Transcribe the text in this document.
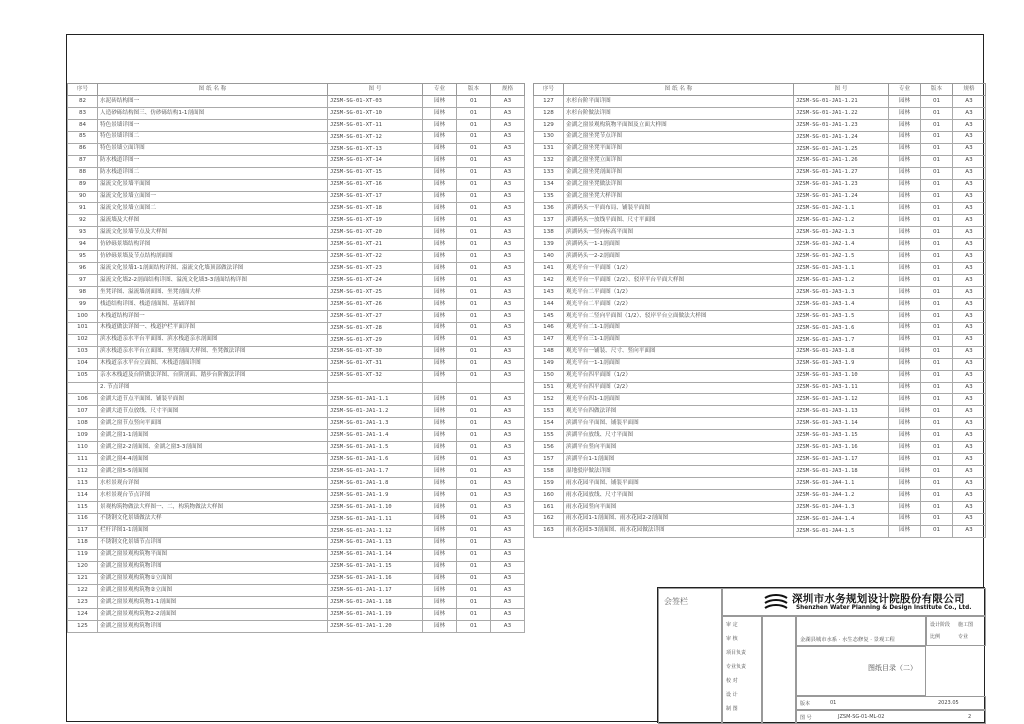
序号	图 纸 名 称	图 号	专业	版本	规格
82	水泥砖结构图一	JZSM-SG-01-XT-03	园林	01	A3
83	人造砂砾结构图三、仿砂砾结构1-1剖面图	JZSM-SG-01-XT-10	园林	01	A3
84	特色景墙详图一	JZSM-SG-01-XT-11	园林	01	A3
85	特色景墙详图二	JZSM-SG-01-XT-12	园林	01	A3
86	特色景墙立面详图	JZSM-SG-01-XT-13	园林	01	A3
87	防水栈道详图一	JZSM-SG-01-XT-14	园林	01	A3
88	防水栈道详图二	JZSM-SG-01-XT-15	园林	01	A3
89	溢流文化景墙平面图	JZSM-SG-01-XT-16	园林	01	A3
90	溢流文化景墙立面图一	JZSM-SG-01-XT-17	园林	01	A3
91	溢流文化景墙立面图二	JZSM-SG-01-XT-18	园林	01	A3
92	溢流墙及大样图	JZSM-SG-01-XT-19	园林	01	A3
93	溢流文化景墙节点及大样图	JZSM-SG-01-XT-20	园林	01	A3
94	仿砂砾景墙结构详图	JZSM-SG-01-XT-21	园林	01	A3
95	仿砂砾景墙及节点结构剖面图	JZSM-SG-01-XT-22	园林	01	A3
96	溢流文化景墙1-1剖面结构详图、溢流文化墙顶部做法详图	JZSM-SG-01-XT-23	园林	01	A3
97	溢流文化墙2-2剖面结构详图、溢流文化墙3-3剖面结构详图	JZSM-SG-01-XT-24	园林	01	A3
98	坐凳详图、溢流墙剖面图、坐凳剖面大样	JZSM-SG-01-XT-25	园林	01	A3
99	栈道结构详图、栈道剖面图、基础详图	JZSM-SG-01-XT-26	园林	01	A3
100	木栈道结构详图一	JZSM-SG-01-XT-27	园林	01	A3
101	木栈道做法详图一、栈道护栏平面详图	JZSM-SG-01-XT-28	园林	01	A3
102	滨水栈道亲水平台平面图、滨水栈道亲水剖面图	JZSM-SG-01-XT-29	园林	01	A3
103	滨水栈道亲水平台立面图、坐凳剖面大样图、坐凳做法详图	JZSM-SG-01-XT-30	园林	01	A3
104	木栈道亲水平台立面图、木栈道剖面详图	JZSM-SG-01-XT-31	园林	01	A3
105	亲水木栈道及台阶做法详图、台阶剖面、踏步台阶做法详图	JZSM-SG-01-XT-32	园林	01	A3
	2. 节点详图				
106	金湖大道节点平面图、铺装平面图	JZSM-SG-01-JA1-1.1	园林	01	A3
107	金湖大道节点放线、尺寸平面图	JZSM-SG-01-JA1-1.2	园林	01	A3
108	金湖之窗节点竖向平面图	JZSM-SG-01-JA1-1.3	园林	01	A3
109	金湖之窗1-1剖面图	JZSM-SG-01-JA1-1.4	园林	01	A3
110	金湖之窗2-2剖面图、金湖之窗3-3剖面图	JZSM-SG-01-JA1-1.5	园林	01	A3
111	金湖之窗4-4剖面图	JZSM-SG-01-JA1-1.6	园林	01	A3
112	金湖之窗5-5剖面图	JZSM-SG-01-JA1-1.7	园林	01	A3
113	水杉景观台详图	JZSM-SG-01-JA1-1.8	园林	01	A3
114	水杉景观台节点详图	JZSM-SG-01-JA1-1.9	园林	01	A3
115	景观构筑物做法大样图一、二，构筑物做法大样图	JZSM-SG-01-JA1-1.10	园林	01	A3
116	不锈钢文化景墙做法大样	JZSM-SG-01-JA1-1.11	园林	01	A3
117	栏杆详图1-1剖面图	JZSM-SG-01-JA1-1.12	园林	01	A3
118	不锈钢文化景墙节点详图	JZSM-SG-01-JA1-1.13	园林	01	A3
119	金湖之窗景观构筑物平面图	JZSM-SG-01-JA1-1.14	园林	01	A3
120	金湖之窗景观构筑物详图	JZSM-SG-01-JA1-1.15	园林	01	A3
121	金湖之窗景观构筑物①立面图	JZSM-SG-01-JA1-1.16	园林	01	A3
122	金湖之窗景观构筑物②立面图	JZSM-SG-01-JA1-1.17	园林	01	A3
123	金湖之窗景观构筑物1-1剖面图	JZSM-SG-01-JA1-1.18	园林	01	A3
124	金湖之窗景观构筑物2-2剖面图	JZSM-SG-01-JA1-1.19	园林	01	A3
125	金湖之窗景观构筑物详图	JZSM-SG-01-JA1-1.20	园林	01	A3
序号	图 纸 名 称	图 号	专业	版本	规格
127	水杉台阶平面详图	JZSM-SG-01-JA1-1.21	园林	01	A3
128	水杉台阶做法详图	JZSM-SG-01-JA1-1.22	园林	01	A3
129	金湖之窗景观构筑物平面图及立面大样图	JZSM-SG-01-JA1-1.23	园林	01	A3
130	金湖之窗坐凳节点详图	JZSM-SG-01-JA1-1.24	园林	01	A3
131	金湖之窗坐凳平面详图	JZSM-SG-01-JA1-1.25	园林	01	A3
132	金湖之窗坐凳立面详图	JZSM-SG-01-JA1-1.26	园林	01	A3
133	金湖之窗坐凳剖面详图	JZSM-SG-01-JA1-1.27	园林	01	A3
134	金湖之窗坐凳做法详图	JZSM-SG-01-JA1-1.23	园林	01	A3
135	金湖之窗坐凳大样详图	JZSM-SG-01-JA1-1.24	园林	01	A3
136	滨湖码头一平面布局、铺装平面图	JZSM-SG-01-JA2-1.1	园林	01	A3
137	滨湖码头一放线平面图、尺寸平面图	JZSM-SG-01-JA2-1.2	园林	01	A3
138	滨湖码头一竖向标高平面图	JZSM-SG-01-JA2-1.3	园林	01	A3
139	滨湖码头一1-1剖面图	JZSM-SG-01-JA2-1.4	园林	01	A3
140	滨湖码头一2-2剖面图	JZSM-SG-01-JA2-1.5	园林	01	A3
141	观光平台一平面图（1/2）	JZSM-SG-01-JA3-1.1	园林	01	A3
142	观光平台一平面图（2/2）、驳岸平台平面大样图	JZSM-SG-01-JA3-1.2	园林	01	A3
143	观光平台二平面图（1/2）	JZSM-SG-01-JA3-1.3	园林	01	A3
144	观光平台二平面图（2/2）	JZSM-SG-01-JA3-1.4	园林	01	A3
145	观光平台二竖向平面图（1/2）、驳岸平台立面做法大样图	JZSM-SG-01-JA3-1.5	园林	01	A3
146	观光平台二1-1剖面图	JZSM-SG-01-JA3-1.6	园林	01	A3
147	观光平台三1-1剖面图	JZSM-SG-01-JA3-1.7	园林	01	A3
148	观光平台一铺装、尺寸、竖向平面图	JZSM-SG-01-JA3-1.8	园林	01	A3
149	观光平台一1-1剖面图	JZSM-SG-01-JA3-1.9	园林	01	A3
150	观光平台四平面图（1/2）	JZSM-SG-01-JA3-1.10	园林	01	A3
151	观光平台四平面图（2/2）	JZSM-SG-01-JA3-1.11	园林	01	A3
152	观光平台四1-1剖面图	JZSM-SG-01-JA3-1.12	园林	01	A3
153	观光平台四做法详图	JZSM-SG-01-JA3-1.13	园林	01	A3
154	滨湖平台平面图、铺装平面图	JZSM-SG-01-JA3-1.14	园林	01	A3
155	滨湖平台放线、尺寸平面图	JZSM-SG-01-JA3-1.15	园林	01	A3
156	滨湖平台竖向平面图	JZSM-SG-01-JA3-1.16	园林	01	A3
157	滨湖平台1-1剖面图	JZSM-SG-01-JA3-1.17	园林	01	A3
158	湿地驳岸做法详图	JZSM-SG-01-JA3-1.18	园林	01	A3
159	雨水花园平面图、铺装平面图	JZSM-SG-01-JA4-1.1	园林	01	A3
160	雨水花园放线、尺寸平面图	JZSM-SG-01-JA4-1.2	园林	01	A3
161	雨水花园竖向平面图	JZSM-SG-01-JA4-1.3	园林	01	A3
162	雨水花园1-1剖面图、雨水花园2-2剖面图	JZSM-SG-01-JA4-1.4	园林	01	A3
163	雨水花园3-3剖面图、雨水花园做法详图	JZSM-SG-01-JA4-1.5	园林	01	A3
会签栏	深圳市水务规划设计院股份有限公司
Shenzhen Water Planning & Design Institute Co., Ltd.
金湖县城市水系 · 水生态修复 · 景观工程
图纸目录（二）
设计阶段 施工图
比例	专业
版本	01	2023.05
图 号	JZSM-SG-01-ML-02	2
审 定
审 核
项目负责
专业负责
校 对
设 计
制 图
